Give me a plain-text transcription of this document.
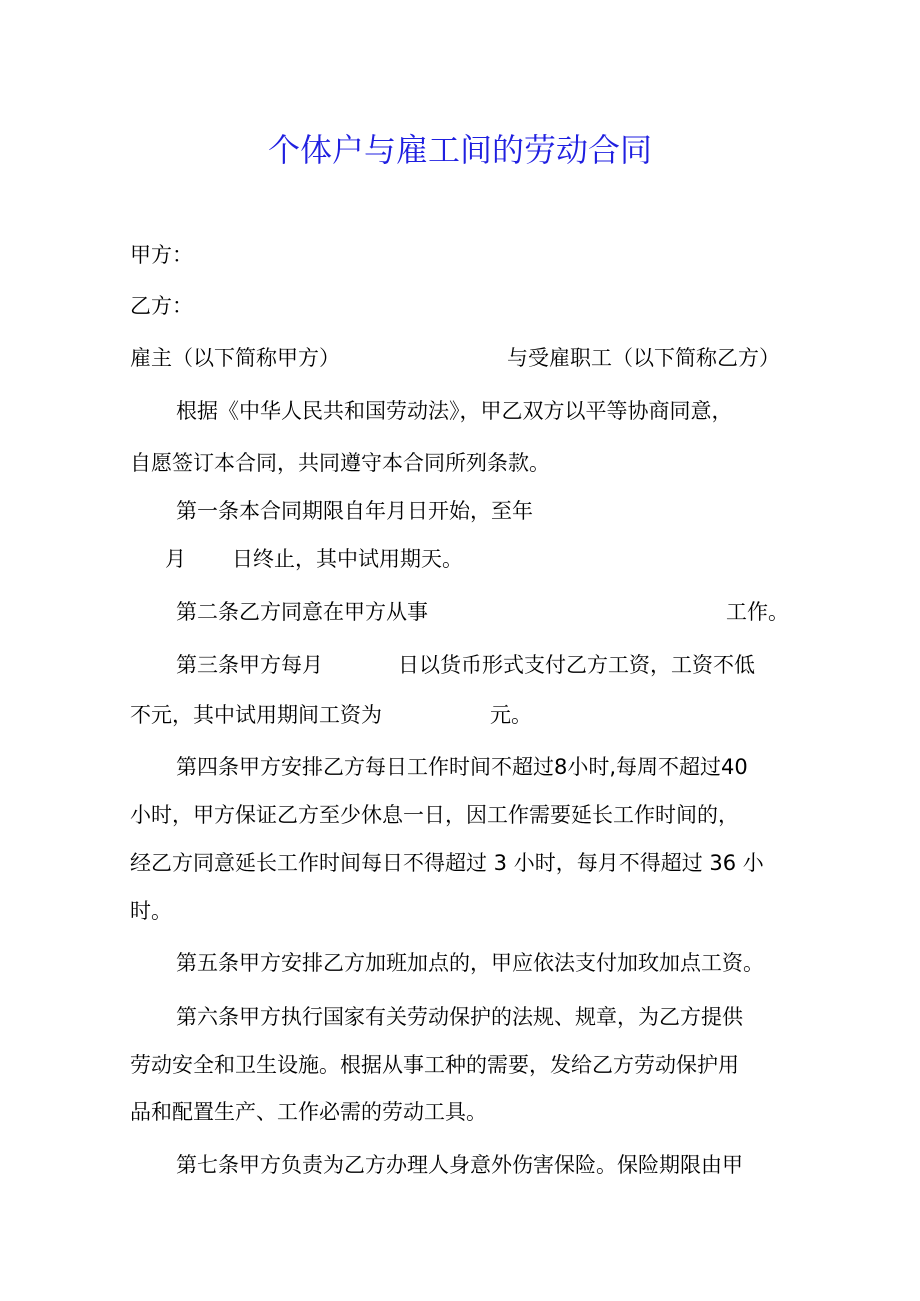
个体户与雇工间的劳动合同
甲方：
乙方：
雇主（以下简称甲方）	与受雇职工（以下简称乙方）
根据《中华人民共和国劳动法》，甲乙双方以平等协商同意，
自愿签订本合同，共同遵守本合同所列条款。
第一条本合同期限自年月日开始，至年
月 日终止，其中试用期天。
第二条乙方同意在甲方从事	工作。
第三条甲方每月	日以货币形式支付乙方工资，工资不低
不元，其中试用期间工资为	元。
第四条甲方安排乙方每日工作时间不超过8小时,每周不超过40
小时，甲方保证乙方至少休息一日，因工作需要延长工作时间的，
经乙方同意延长工作时间每日不得超过 3 小时，每月不得超过 36 小
时。
第五条甲方安排乙方加班加点的，甲应依法支付加玫加点工资。
第六条甲方执行国家有关劳动保护的法规、规章，为乙方提供
劳动安全和卫生设施。根据从事工种的需要，发给乙方劳动保护用
品和配置生产、工作必需的劳动工具。
第七条甲方负责为乙方办理人身意外伤害保险。保险期限由甲
